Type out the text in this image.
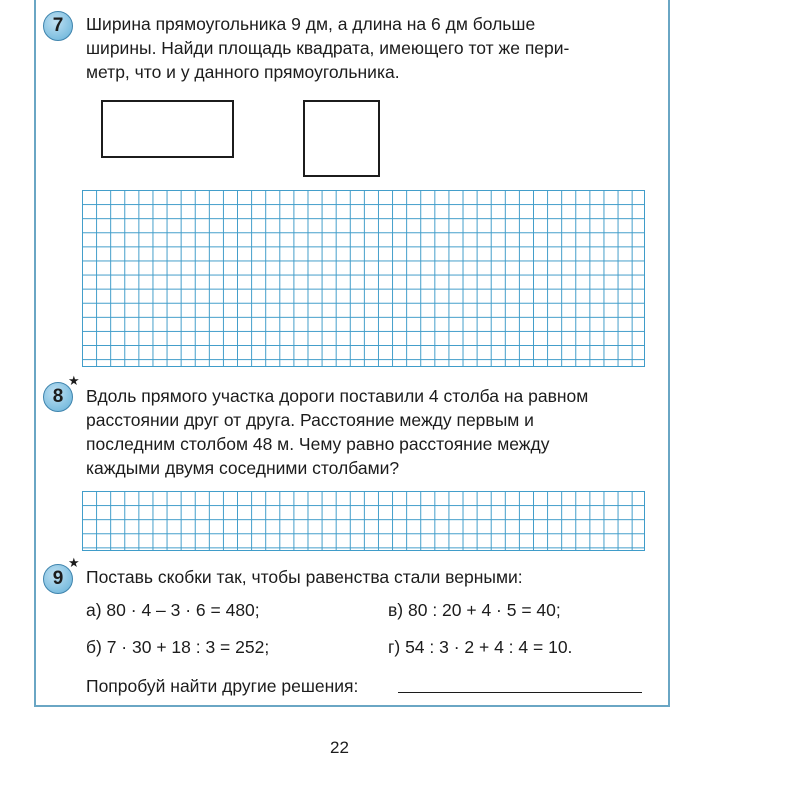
7 Ширина прямоугольника 9 дм, а длина на 6 дм больше
ширины. Найди площадь квадрата, имеющего тот же пери-
метр, что и у данного прямоугольника.
8
★
Вдоль прямого участка дороги поставили 4 столба на равном
расстоянии друг от друга. Расстояние между первым и
последним столбом 48 м. Чему равно расстояние между
каждыми двумя соседними столбами?
9
★
Поставь скобки так, чтобы равенства стали верными:
а) 80 · 4 – 3 · 6 = 480;	в) 80 : 20 + 4 · 5 = 40;
б) 7 · 30 + 18 : 3 = 252;	г) 54 : 3 · 2 + 4 : 4 = 10.
Попробуй найти другие решения:
22
